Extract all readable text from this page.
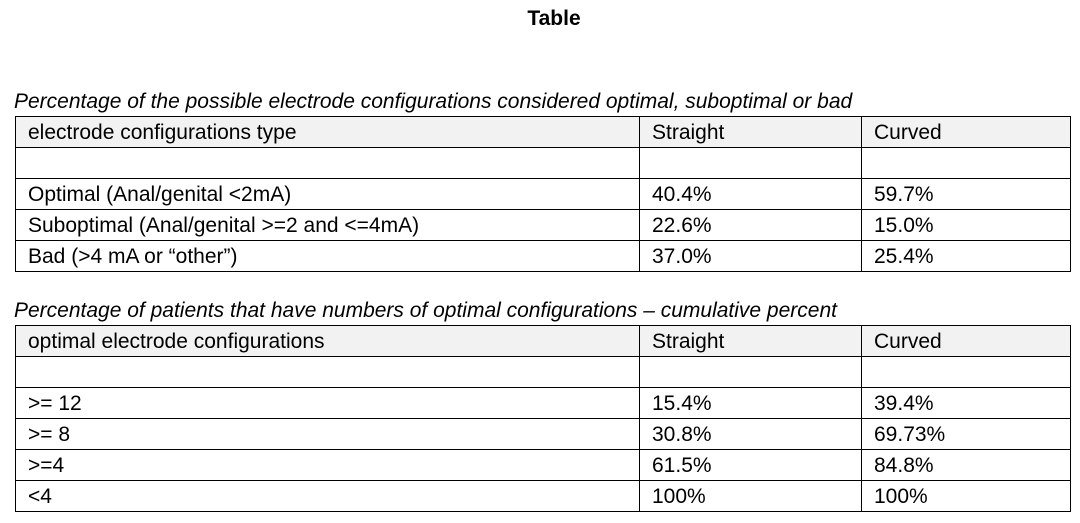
Table
Percentage of the possible electrode configurations considered optimal, suboptimal or bad
electrode configurations type	Straight	Curved

Optimal (Anal/genital <2mA)	40.4%	59.7%
Suboptimal (Anal/genital >=2 and <=4mA)	22.6%	15.0%
Bad (>4 mA or “other”)	37.0%	25.4%
Percentage of patients that have numbers of optimal configurations – cumulative percent
optimal electrode configurations	Straight	Curved

>= 12	15.4%	39.4%
>= 8	30.8%	69.73%
>=4	61.5%	84.8%
<4	100%	100%
